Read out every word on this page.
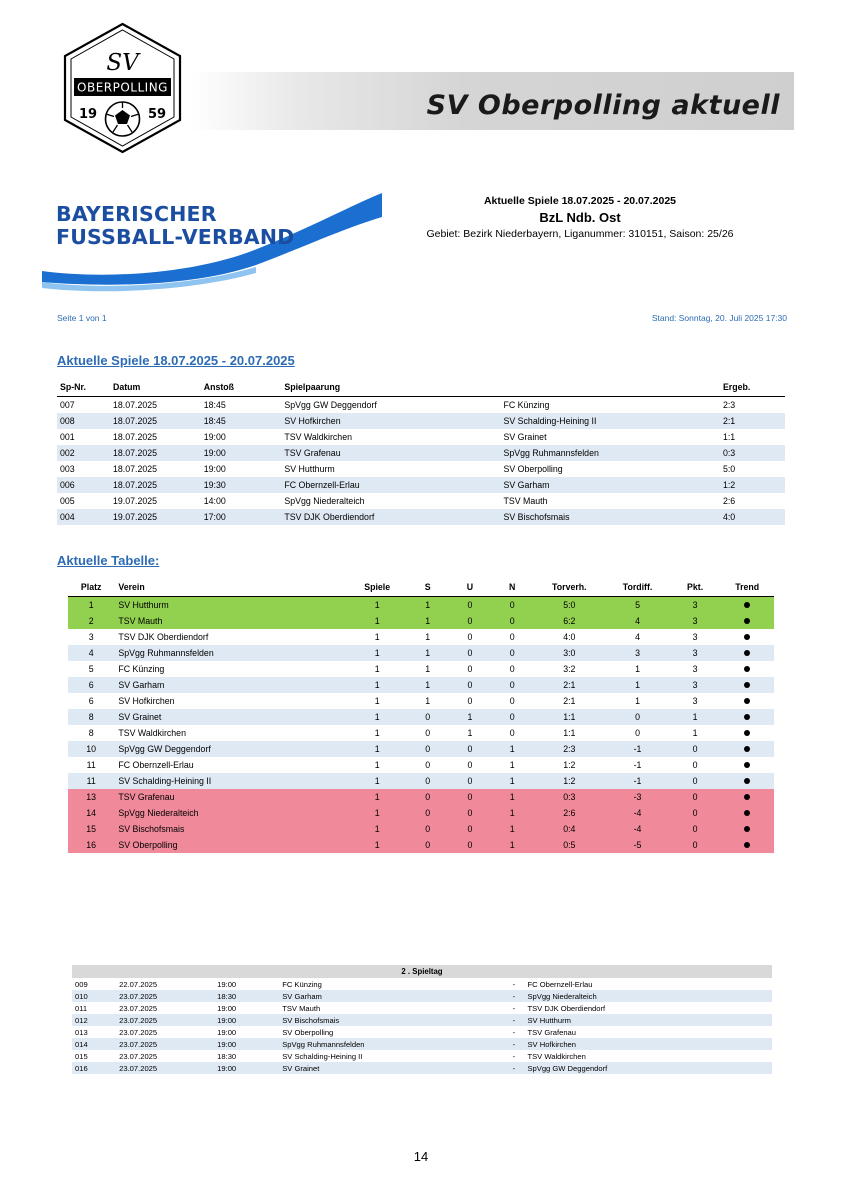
SV Oberpolling aktuell
SV
OBERPOLLING
19	59
BAYERISCHER
FUSSBALL-VERBAND
Aktuelle Spiele 18.07.2025 - 20.07.2025
BzL Ndb. Ost
Gebiet: Bezirk Niederbayern, Liganummer: 310151, Saison: 25/26
Seite 1 von 1	Stand: Sonntag, 20. Juli 2025 17:30
Aktuelle Spiele 18.07.2025 - 20.07.2025
Sp-Nr.	Datum	Anstoß	Spielpaarung		Ergeb.
007	18.07.2025	18:45	SpVgg GW Deggendorf	FC Künzing	2:3
008	18.07.2025	18:45	SV Hofkirchen	SV Schalding-Heining II	2:1
001	18.07.2025	19:00	TSV Waldkirchen	SV Grainet	1:1
002	18.07.2025	19:00	TSV Grafenau	SpVgg Ruhmannsfelden	0:3
003	18.07.2025	19:00	SV Hutthurm	SV Oberpolling	5:0
006	18.07.2025	19:30	FC Obernzell-Erlau	SV Garham	1:2
005	19.07.2025	14:00	SpVgg Niederalteich	TSV Mauth	2:6
004	19.07.2025	17:00	TSV DJK Oberdiendorf	SV Bischofsmais	4:0
Aktuelle Tabelle:
Platz	Verein	Spiele	S	U	N	Torverh.	Tordiff.	Pkt.	Trend
1	SV Hutthurm	1	1	0	0	5:0	5	3	
2	TSV Mauth	1	1	0	0	6:2	4	3	
3	TSV DJK Oberdiendorf	1	1	0	0	4:0	4	3	
4	SpVgg Ruhmannsfelden	1	1	0	0	3:0	3	3	
5	FC Künzing	1	1	0	0	3:2	1	3	
6	SV Garham	1	1	0	0	2:1	1	3	
6	SV Hofkirchen	1	1	0	0	2:1	1	3	
8	SV Grainet	1	0	1	0	1:1	0	1	
8	TSV Waldkirchen	1	0	1	0	1:1	0	1	
10	SpVgg GW Deggendorf	1	0	0	1	2:3	-1	0	
11	FC Obernzell-Erlau	1	0	0	1	1:2	-1	0	
11	SV Schalding-Heining II	1	0	0	1	1:2	-1	0	
13	TSV Grafenau	1	0	0	1	0:3	-3	0	
14	SpVgg Niederalteich	1	0	0	1	2:6	-4	0	
15	SV Bischofsmais	1	0	0	1	0:4	-4	0	
16	SV Oberpolling	1	0	0	1	0:5	-5	0	
2 . Spieltag					
009	22.07.2025	19:00	FC Künzing	-	FC Obernzell-Erlau
010	23.07.2025	18:30	SV Garham	-	SpVgg Niederalteich
011	23.07.2025	19:00	TSV Mauth	-	TSV DJK Oberdiendorf
012	23.07.2025	19:00	SV Bischofsmais	-	SV Hutthurm
013	23.07.2025	19:00	SV Oberpolling	-	TSV Grafenau
014	23.07.2025	19:00	SpVgg Ruhmannsfelden	-	SV Hofkirchen
015	23.07.2025	18:30	SV Schalding-Heining II	-	TSV Waldkirchen
016	23.07.2025	19:00	SV Grainet	-	SpVgg GW Deggendorf
14
